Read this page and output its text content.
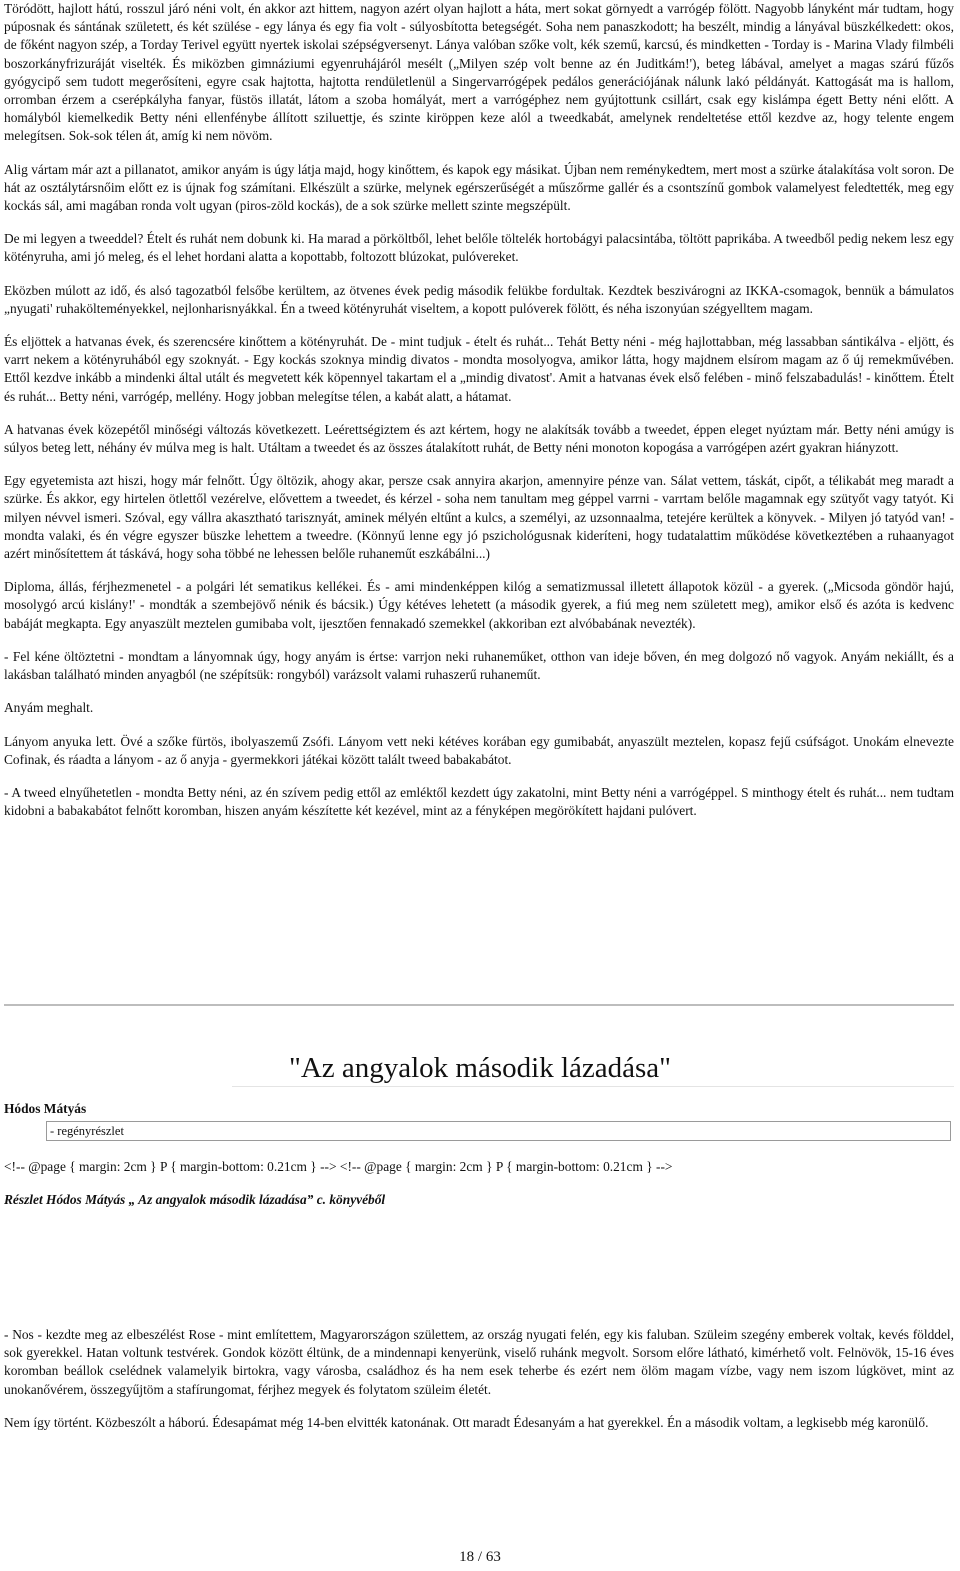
Töródött, hajlott hátú, rosszul járó néni volt, én akkor azt hittem, nagyon azért olyan hajlott a háta, mert sokat görnyedt a varrógép fölött. Nagyobb lányként már tudtam, hogy púposnak és sántának született, és két szülése - egy lánya és egy fia volt - súlyosbította betegségét. Soha nem panaszkodott; ha beszélt, mindig a lányával büszkélkedett: okos, de főként nagyon szép, a Torday Terivel együtt nyertek iskolai szépségversenyt. Lánya valóban szőke volt, kék szemű, karcsú, és mindketten - Torday is - Marina Vlady filmbéli boszorkányfrizuráját viselték. És miközben gimnáziumi egyenruhájáról mesélt („Milyen szép volt benne az én Juditkám!'), beteg lábával, amelyet a magas szárú fűzős gyógycipő sem tudott megerősíteni, egyre csak hajtotta, hajtotta rendületlenül a Singervarrógépek pedálos generációjának nálunk lakó példányát. Kattogását ma is hallom, orromban érzem a cserépkályha fanyar, füstös illatát, látom a szoba homályát, mert a varrógéphez nem gyújtottunk csillárt, csak egy kislámpa égett Betty néni előtt. A homályból kiemelkedik Betty néni ellenfénybe állított sziluettje, és szinte kiröppen keze alól a tweedkabát, amelynek rendeltetése ettől kezdve az, hogy telente engem melegítsen. Sok-sok télen át, amíg ki nem növöm.

Alig vártam már azt a pillanatot, amikor anyám is úgy látja majd, hogy kinőttem, és kapok egy másikat. Újban nem reménykedtem, mert most a szürke átalakítása volt soron. De hát az osztálytársnőim előtt ez is újnak fog számítani. Elkészült a szürke, melynek egérszerűségét a műszőrme gallér és a csontszínű gombok valamelyest feledtették, meg egy kockás sál, ami magában ronda volt ugyan (piros-zöld kockás), de a sok szürke mellett szinte megszépült.

De mi legyen a tweeddel? Ételt és ruhát nem dobunk ki. Ha marad a pörköltből, lehet belőle töltelék hortobágyi palacsintába, töltött paprikába. A tweedből pedig nekem lesz egy kötényruha, ami jó meleg, és el lehet hordani alatta a kopottabb, foltozott blúzokat, pulóvereket.

Eközben múlott az idő, és alsó tagozatból felsőbe kerültem, az ötvenes évek pedig második felükbe fordultak. Kezdtek beszivárogni az IKKA-csomagok, bennük a bámulatos „nyugati' ruhakölteményekkel, nejlonharisnyákkal. Én a tweed kötényruhát viseltem, a kopott pulóverek fölött, és néha iszonyúan szégyelltem magam.

És eljöttek a hatvanas évek, és szerencsére kinőttem a kötényruhát. De - mint tudjuk - ételt és ruhát... Tehát Betty néni - még hajlottabban, még lassabban sántikálva - eljött, és varrt nekem a kötényruhából egy szoknyát. - Egy kockás szoknya mindig divatos - mondta mosolyogva, amikor látta, hogy majdnem elsírom magam az ő új remekművében. Ettől kezdve inkább a mindenki által utált és megvetett kék köpennyel takartam el a „mindig divatost'. Amit a hatvanas évek első felében - minő felszabadulás! - kinőttem. Ételt és ruhát... Betty néni, varrógép, mellény. Hogy jobban melegítse télen, a kabát alatt, a hátamat.

A hatvanas évek közepétől minőségi változás következett. Leérettségiztem és azt kértem, hogy ne alakítsák tovább a tweedet, éppen eleget nyúztam már. Betty néni amúgy is súlyos beteg lett, néhány év múlva meg is halt. Utáltam a tweedet és az összes átalakított ruhát, de Betty néni monoton kopogása a varrógépen azért gyakran hiányzott.

Egy egyetemista azt hiszi, hogy már felnőtt. Úgy öltözik, ahogy akar, persze csak annyira akarjon, amennyire pénze van. Sálat vettem, táskát, cipőt, a télikabát meg maradt a szürke. És akkor, egy hirtelen ötlettől vezérelve, elővettem a tweedet, és kérzel - soha nem tanultam meg géppel varrni - varrtam belőle magamnak egy szütyőt vagy tatyót. Ki milyen névvel ismeri. Szóval, egy vállra akasztható tarisznyát, aminek mélyén eltűnt a kulcs, a személyi, az uzsonnaalma, tetejére kerültek a könyvek. - Milyen jó tatyód van! - mondta valaki, és én végre egyszer büszke lehettem a tweedre. (Könnyű lenne egy jó pszichológusnak kideríteni, hogy tudatalattim működése következtében a ruhaanyagot azért minősítettem át táskává, hogy soha többé ne lehessen belőle ruhaneműt eszkábálni...)

Diploma, állás, férjhezmenetel - a polgári lét sematikus kellékei. És - ami mindenképpen kilóg a sematizmussal illetett állapotok közül - a gyerek. („Micsoda göndör hajú, mosolygó arcú kislány!' - mondták a szembejövő nénik és bácsik.) Úgy kétéves lehetett (a második gyerek, a fiú meg nem született meg), amikor első és azóta is kedvenc babáját megkapta. Egy anyaszült meztelen gumibaba volt, ijesztően fennakadó szemekkel (akkoriban ezt alvóbabának nevezték).

- Fel kéne öltöztetni - mondtam a lányomnak úgy, hogy anyám is értse: varrjon neki ruhaneműket, otthon van ideje bőven, én meg dolgozó nő vagyok. Anyám nekiállt, és a lakásban található minden anyagból (ne szépítsük: rongyból) varázsolt valami ruhaszerű ruhaneműt.

Anyám meghalt.

Lányom anyuka lett. Övé a szőke fürtös, ibolyaszemű Zsófi. Lányom vett neki kétéves korában egy gumibabát, anyaszült meztelen, kopasz fejű csúfságot. Unokám elnevezte Cofinak, és ráadta a lányom - az ő anyja - gyermekkori játékai között talált tweed babakabátot.

- A tweed elnyűhetetlen - mondta Betty néni, az én szívem pedig ettől az emléktől kezdett úgy zakatolni, mint Betty néni a varrógéppel. S minthogy ételt és ruhát... nem tudtam kidobni a babakabátot felnőtt koromban, hiszen anyám készítette két kezével, mint az a fényképen megörökített hajdani pulóvert.

"Az angyalok második lázadása"
Hódos Mátyás
- regényrészlet
<!-- @page { margin: 2cm } P { margin-bottom: 0.21cm } --> <!-- @page { margin: 2cm } P { margin-bottom: 0.21cm } -->
Részlet Hódos Mátyás „ Az angyalok második lázadása” c. könyvéből

- Nos - kezdte meg az elbeszélést Rose - mint említettem, Magyarországon születtem, az ország nyugati felén, egy kis faluban. Szüleim szegény emberek voltak, kevés földdel, sok gyerekkel. Hatan voltunk testvérek. Gondok között éltünk, de a mindennapi kenyerünk, viselő ruhánk megvolt. Sorsom előre látható, kimérhető volt. Felnövök, 15-16 éves koromban beállok cselédnek valamelyik birtokra, vagy városba, családhoz és ha nem esek teherbe és ezért nem ölöm magam vízbe, vagy nem iszom lúgkövet, mint az unokanővérem, összegyűjtöm a stafírungomat, férjhez megyek és folytatom szüleim életét.

Nem így történt. Közbeszólt a háború. Édesapámat még 14-ben elvitték katonának. Ott maradt Édesanyám a hat gyerekkel. Én a második voltam, a legkisebb még karonülő.

18 / 63
